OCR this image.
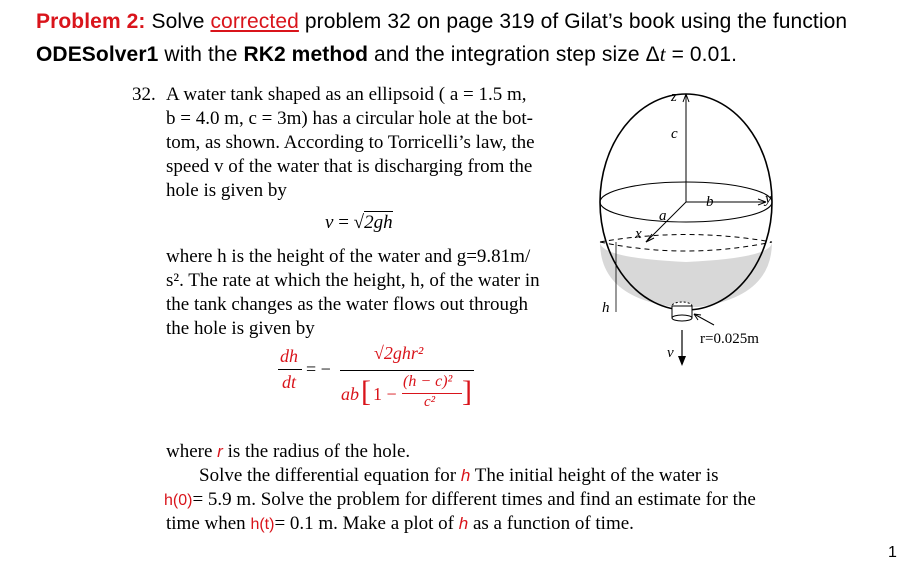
Problem 2: Solve corrected problem 32 on page 319 of Gilat’s book using the function
ODESolver1 with the RK2 method and the integration step size Δt = 0.01.
32. A water tank shaped as an ellipsoid ( a = 1.5 m,
b = 4.0 m, c = 3m) has a circular hole at the bot-
tom, as shown. According to Torricelli’s law, the
speed v of the water that is discharging from the
hole is given by
v = √2gh
where h is the height of the water and g=9.81m/
s². The rate at which the height, h, of the water in
the tank changes as the water flows out through
the hole is given by
dh
dt
= −
√2ghr²
ab [ 1 −
(h − c)²
c² ]
where r is the radius of the hole.
Solve the differential equation for h The initial height of the water is
h(0)= 5.9 m. Solve the problem for different times and find an estimate for the
time when h(t)= 0.1 m. Make a plot of h as a function of time.
z
c
a
b	y
x
h
v
r=0.025m
1
